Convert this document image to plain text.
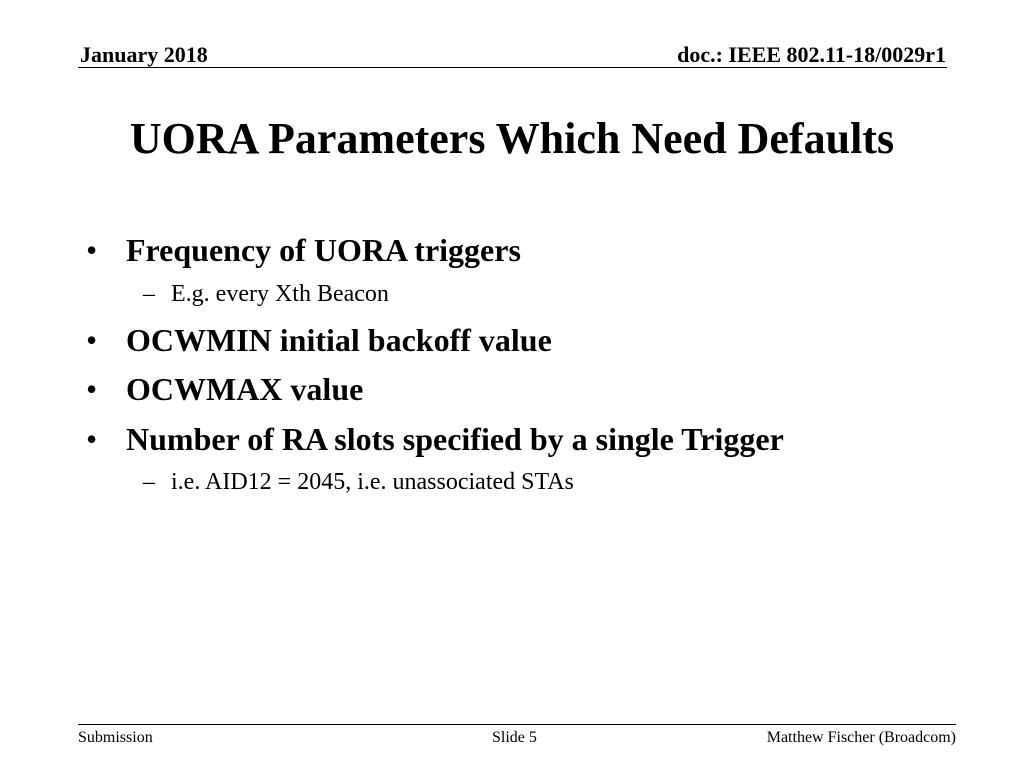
January 2018	doc.: IEEE 802.11-18/0029r1
UORA Parameters Which Need Defaults
• Frequency of UORA triggers
– E.g. every Xth Beacon
• OCWMIN initial backoff value
• OCWMAX value
• Number of RA slots specified by a single Trigger
– i.e. AID12 = 2045, i.e. unassociated STAs
Submission	Slide 5	Matthew Fischer (Broadcom)
